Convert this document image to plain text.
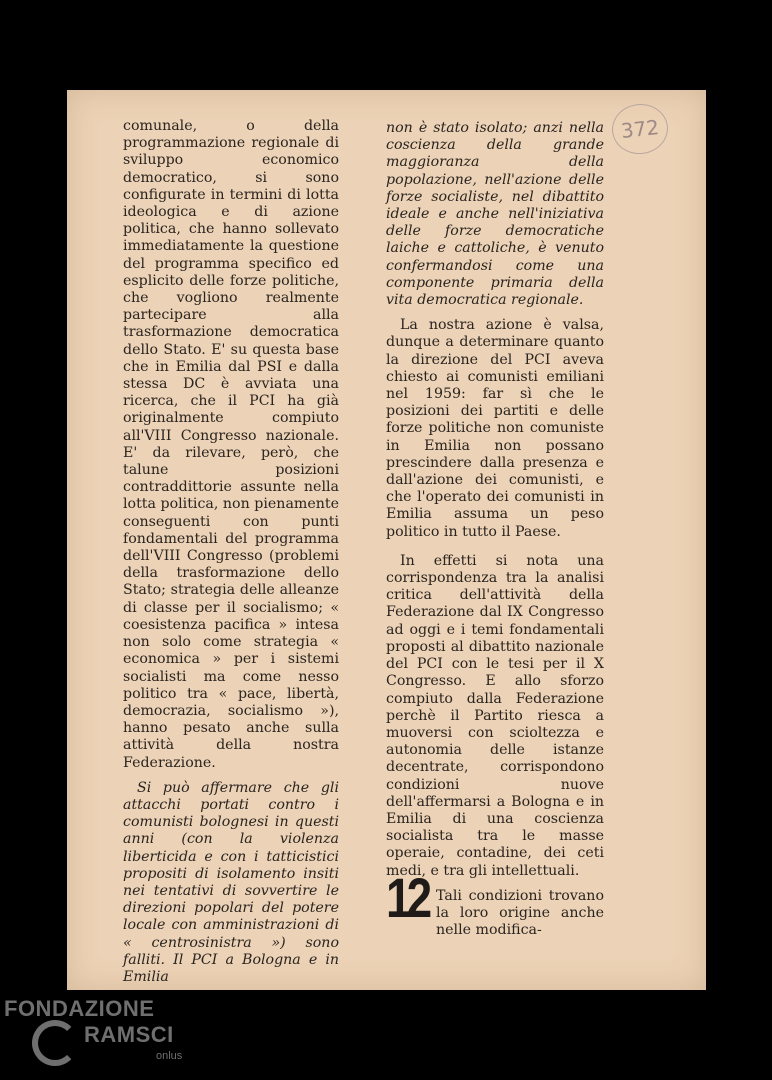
372

comunale, o della programmazione regionale di sviluppo economico democratico, si sono configurate in termini di lotta ideologica e di azione politica, che hanno sollevato immediatamente la questione del programma specifico ed esplicito delle forze politiche, che vogliono realmente partecipare alla trasformazione democratica dello Stato. E' su questa base che in Emilia dal PSI e dalla stessa DC è avviata una ricerca, che il PCI ha già originalmente compiuto all'VIII Congresso nazionale. E' da rilevare, però, che talune posizioni contraddittorie assunte nella lotta politica, non pienamente conseguenti con punti fondamentali del programma dell'VIII Congresso (problemi della trasformazione dello Stato; strategia delle alleanze di classe per il socialismo; « coesistenza pacifica » intesa non solo come strategia « economica » per i sistemi socialisti ma come nesso politico tra « pace, libertà, democrazia, socialismo »), hanno pesato anche sulla attività della nostra Federazione.

Si può affermare che gli attacchi portati contro i comunisti bolognesi in questi anni (con la violenza liberticida e con i tatticistici propositi di isolamento insiti nei tentativi di sovvertire le direzioni popolari del potere locale con amministrazioni di « centrosinistra ») sono falliti. Il PCI a Bologna e in Emilia

non è stato isolato; anzi nella coscienza della grande maggioranza della popolazione, nell'azione delle forze socialiste, nel dibattito ideale e anche nell'iniziativa delle forze democratiche laiche e cattoliche, è venuto confermandosi come una componente primaria della vita democratica regionale.

La nostra azione è valsa, dunque a determinare quanto la direzione del PCI aveva chiesto ai comunisti emiliani nel 1959: far sì che le posizioni dei partiti e delle forze politiche non comuniste in Emilia non possano prescindere dalla presenza e dall'azione dei comunisti, e che l'operato dei comunisti in Emilia assuma un peso politico in tutto il Paese.

In effetti si nota una corrispondenza tra la analisi critica dell'attività della Federazione dal IX Congresso ad oggi e i temi fondamentali proposti al dibattito nazionale del PCI con le tesi per il X Congresso. E allo sforzo compiuto dalla Federazione perchè il Partito riesca a muoversi con scioltezza e autonomia delle istanze decentrate, corrispondono condizioni nuove dell'affermarsi a Bologna e in Emilia di una coscienza socialista tra le masse operaie, contadine, dei ceti medi, e tra gli intellettuali.

12 Tali condizioni trovano la loro origine anche nelle modifica-
FONDAZIONE
RAMSCI
onlus
